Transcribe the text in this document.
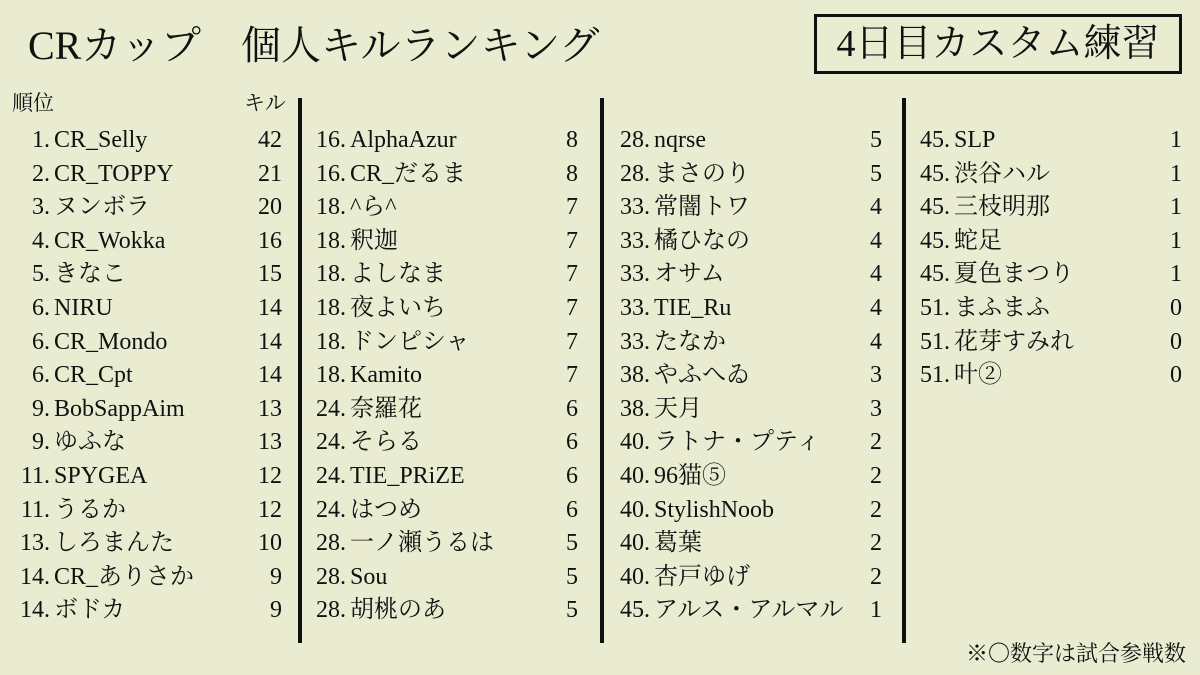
CRカップ　個人キルランキング	4日目カスタム練習
順位	キル
1. CR_Selly	42
2. CR_TOPPY	21
3. ヌンボラ	20
4. CR_Wokka	16
5. きなこ	15
6. NIRU	14
6. CR_Mondo	14
6. CR_Cpt	14
9. BobSappAim	13
9. ゆふな	13
11. SPYGEA	12
11. うるか	12
13. しろまんた	10
14. CR_ありさか	9
14. ボドカ	9
16. AlphaAzur	8
16. CR_だるま	8
18. ^ら^	7
18. 釈迦	7
18. よしなま	7
18. 夜よいち	7
18. ドンピシャ	7
18. Kamito	7
24. 奈羅花	6
24. そらる	6
24. TIE_PRiZE	6
24. はつめ	6
28. 一ノ瀬うるは	5
28. Sou	5
28. 胡桃のあ	5
28. nqrse	5
28. まさのり	5
33. 常闇トワ	4
33. 橘ひなの	4
33. オサム	4
33. TIE_Ru	4
33. たなか	4
38. やふへゐ	3
38. 天月	3
40. ラトナ・プティ 2
40. 96猫⑤	2
40. StylishNoob	2
40. 葛葉	2
40. 杏戸ゆげ	2
45. アルス・アルマル 1
45. SLP	1
45. 渋谷ハル	1
45. 三枝明那	1
45. 蛇足	1
45. 夏色まつり	1
51. まふまふ	0
51. 花芽すみれ	0
51. 叶②	0
※〇数字は試合参戦数
